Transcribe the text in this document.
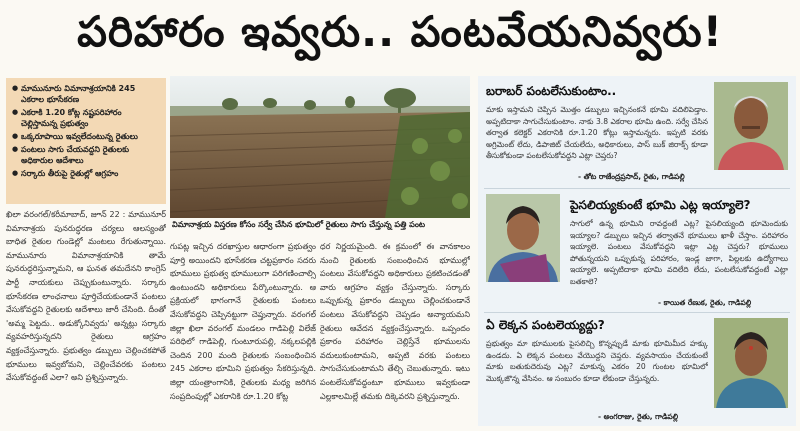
పరిహారం ఇవ్వరు.. పంటవేయనివ్వరు!
● మామునూరు విమానాశ్రయానికి 245 ఎకరాల భూసేకరణ
● ఎకరాకి 1.20 కోట్ల నష్టపరిహారం చెల్లిస్తామన్న ప్రభుత్వం
● ఒక్కరూపాయి ఇవ్వలేదంటున్న రైతులు
● పంటలు సాగు చేయవద్దని రైతులకు అధికారుల ఆదేశాలు
● సర్కారు తీరుపై రైతుల్లో ఆగ్రహం
విమానాశ్రయ విస్తరణ కోసం సర్వే చేసిన భూమిలో రైతులు సాగు చేస్తున్న పత్తి పంట
ఖిలా వరంగల్/కరీమాబాద్, జూన్ 22 : మామునూర్ విమానాశ్రయ పునరుద్ధరణ చర్యలు ఆలస్యంతో బాధిత రైతుల గుండెల్లో మంటలు రేగుతున్నాయి. మామునూరు విమానాశ్రయానికి తామే పునరుద్ధరిస్తున్నామని, ఆ ఘనత తమదేనని కాంగ్రెస్ పార్టీ నాయకులు చెప్పుకుంటున్నారు. సర్కారు భూసేకరణ లాంఛనాలు పూర్తిచేయకుండానే పంటలు వేసుకోవద్దని రైతులకు ఆదేశాలు జారీ చేసింది. దీంతో 'అమ్మ పెట్టదు.. అడుక్కోనివ్వదు' అన్నట్లు సర్కారు వ్యవహరిస్తున్నదని రైతులు ఆగ్రహం వ్యక్తంచేస్తున్నారు. ప్రభుత్వం డబ్బులు చెల్లించకపోతే భూములు ఇవ్వబోమని, చెల్లించేవరకు పంటలు వేసుకోవద్దంటే ఎలా? అని ప్రశ్నిస్తున్నారు.
గుపట్ల ఇచ్చిన దరఖాస్తుల ఆధారంగా ప్రభుత్వం పూర్తి అయిందని భూసేకరణ చట్టప్రకారం సదరు భూములు ప్రభుత్వ భూములుగా పరిగణించాల్సి ఉంటుందని అధికారులు పేర్కొంటున్నారు. ఆ ప్రక్రియలో భాగంగానే రైతులకు పంటలు వేసుకోవద్దని చెప్పినట్టుగా చెప్తున్నారు. వరంగల్ జిల్లా ఖిలా వరంగల్ మండలం గాడిపెల్లి విలేజ్ పరిధిలో గాడిపెల్లి, గుంటూరుపల్లి, నక్కలపల్లికి చెందిన 200 మంది రైతులకు సంబంధించిన 245 ఎకరాల భూమిని ప్రభుత్వం సేకరిస్తున్నది. జిల్లా యంత్రాంగానికి, రైతులకు మధ్య జరిగిన సంప్రదింపుల్లో ఎకరానికి రూ.1.20 కోట్ల
ధర నిర్ణయమైంది. ఈ క్రమంలో ఈ వానకాలం నుంచి రైతులకు సంబంధించిన భూముల్లో పంటలు వేసుకోవద్దని అధికారులు ప్రకటించడంతో వారు ఆగ్రహం వ్యక్తం చేస్తున్నారు. సర్కారు ఒప్పుకున్న ప్రకారం డబ్బులు చెల్లించకుండానే పంటలు వేసుకోవద్దని చెప్పడం అన్యాయమని రైతులు ఆవేదన వ్యక్తంచేస్తున్నారు. ఒప్పందం ప్రకారం పరిహారం చెల్లిస్తేనే భూములను వదులుకుంటామని, అప్పటి వరకు పంటలు సాగుచేసుకుంటామని తేల్చి చెబుతున్నారు. ఇటు పంటలేసుకోవద్దంటూ భూములు ఇవ్వకుండా ఎల్లకాలమిల్లే తమకు దిక్కెవరని ప్రశ్నిస్తున్నారు.
బరాబర్ పంటలేసుకుంటాం..
మాకు ఇస్తామని చెప్పిన మొత్తం డబ్బులు ఇచ్చినంకనే భూమి వదిలిపెడ్తాం. అప్పటిదాకా సాగుచేసుకుంటాం. నాకు 3.8 ఎకరాల భూమి ఉంది. సర్వే చేసిన తర్వాత కలెక్టర్ ఎకరానికి రూ.1.20 కోట్లు ఇస్తామన్నరు. ఇప్పటి వరకు అగ్రిమెంట్ లేదు, డిపాజిట్ చేయలేదు, అధికారులు, పాస్ బుక్ జిరాక్స్ కూడా తీసుకోకుండా పంటలేసుకోవద్దని ఎట్లా చెప్తరు?
- తోట రాజేంద్రప్రసాద్, రైతు, గాడిపల్లి
పైసలియ్యకుంటే భూమి ఎట్ల ఇయ్యాలె?
సాగులో ఉన్న భూమిని రావద్దంటే ఎట్ల? పైసలియ్యంది భూమెందుకు ఇయ్యాల? డబ్బులు ఇచ్చిన తర్వాతనే భూములు ఖాళీ చేస్తాం. పరిహారం ఇయ్యాలె. పంటలు వేసుకోవద్దని ఇట్లా ఎట్ల చెప్తరు? భూములు పోతున్నయని ఒప్పుకున్న పరిహారం, ఇండ్ల జాగా, పిల్లలకు ఉద్యోగాలు ఇయ్యాలె. అప్పటిదాకా భూమి వదిలేది లేదు, పంటలేసుకోవద్దంటే ఎట్లా బతకాలె?
- కాయిత రేణుక, రైతు, గాడిపల్లి
ఏ లెక్కన పంటలెయ్యద్దు?
ప్రభుత్వం మా భూములకు పైసలిచ్చి కొన్నప్పుడే మాకు భూమిమీద హక్కు ఉండదు. ఏ లెక్కన పంటలు వేయొద్దని చెప్తరు. వ్యవసాయం చేయకుంటే మాకు బతుకుదెరువు ఎట్ల? మాకున్న ఎకరం 20 గుంటల భూమిలో మొక్కజొన్న వేసినం. ఆ సంబురం కూడా లేకుండా చేస్తున్నరు.
- అంగరాజు, రైతు, గాడిపల్లి
